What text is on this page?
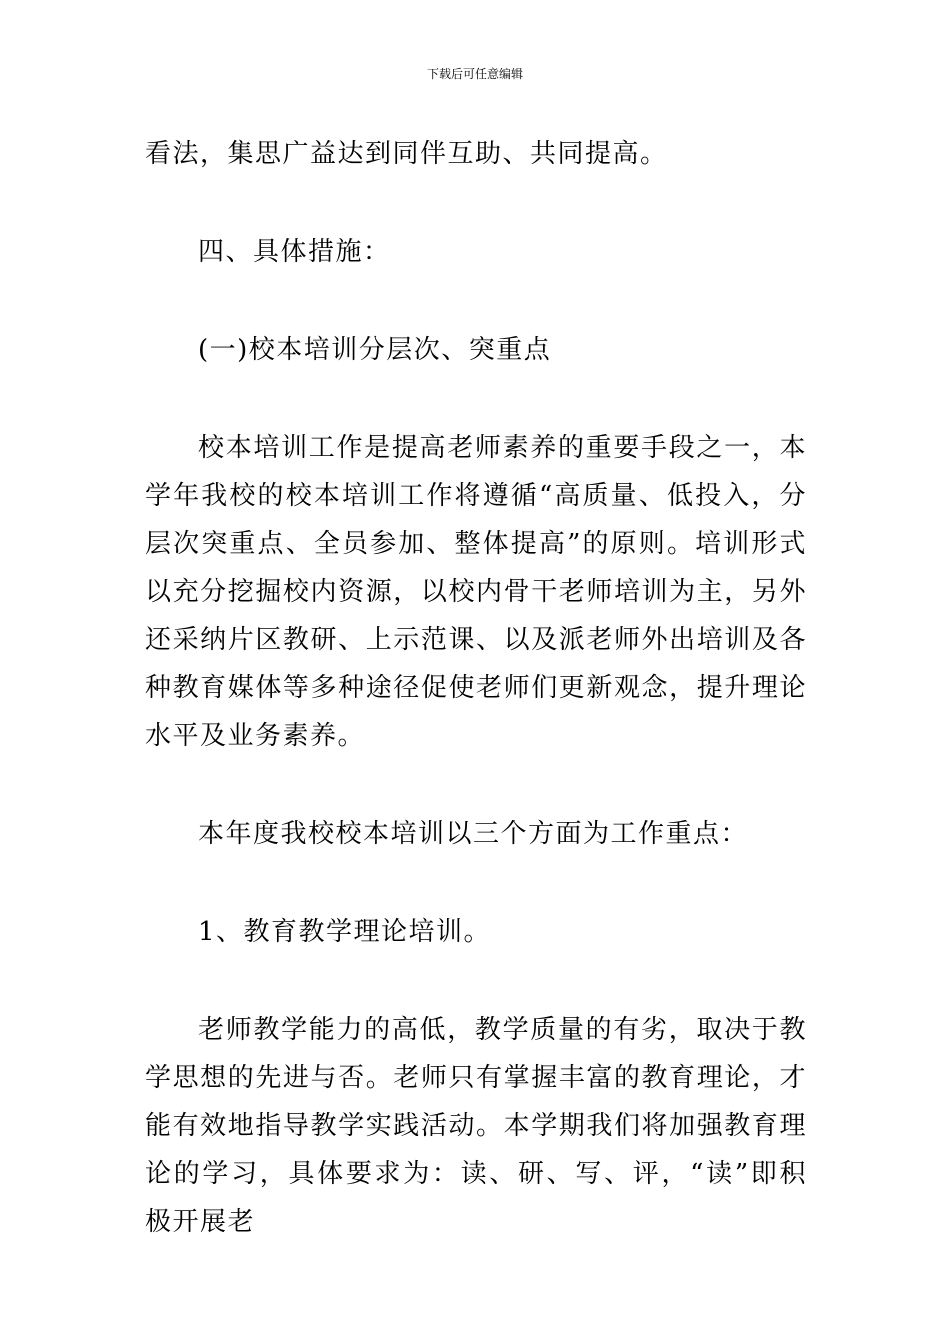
下载后可任意编辑

看法，集思广益达到同伴互助、共同提高。

四、具体措施：

(一)校本培训分层次、突重点

校本培训工作是提高老师素养的重要手段之一，本学年我校的校本培训工作将遵循“高质量、低投入，分层次突重点、全员参加、整体提高”的原则。培训形式以充分挖掘校内资源，以校内骨干老师培训为主，另外还采纳片区教研、上示范课、以及派老师外出培训及各种教育媒体等多种途径促使老师们更新观念，提升理论水平及业务素养。

本年度我校校本培训以三个方面为工作重点：

1、教育教学理论培训。

老师教学能力的高低，教学质量的有劣，取决于教学思想的先进与否。老师只有掌握丰富的教育理论，才能有效地指导教学实践活动。本学期我们将加强教育理论的学习，具体要求为：读、研、写、评，“读”即积极开展老
